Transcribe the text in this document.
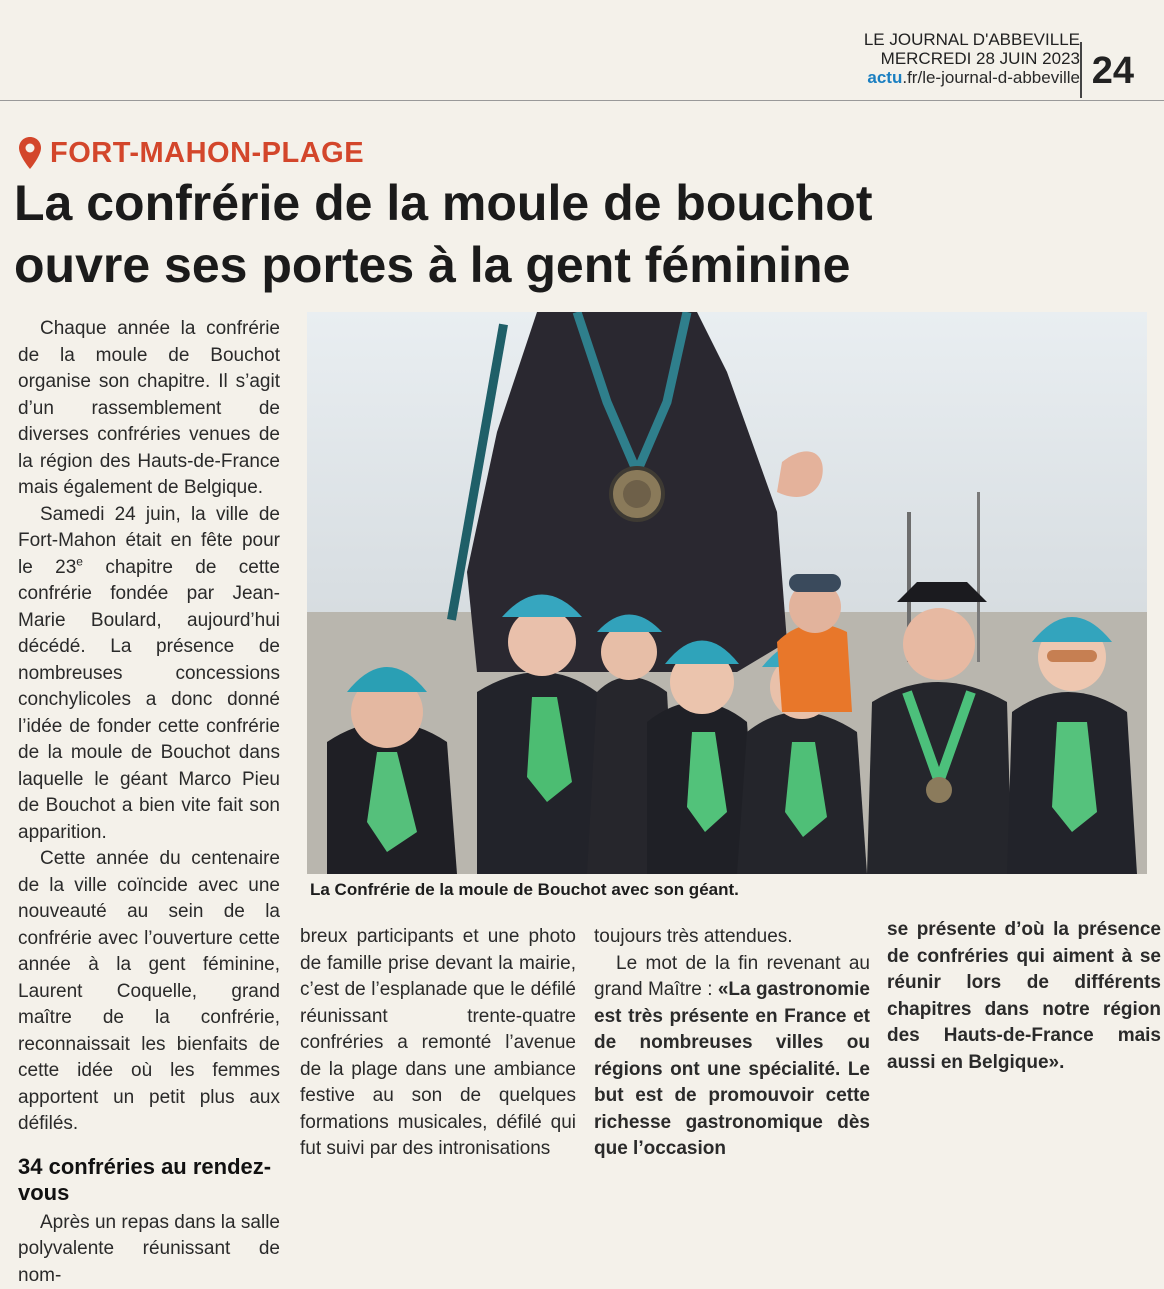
LE JOURNAL D'ABBEVILLE
MERCREDI 28 JUIN 2023
actu.fr/le-journal-d-abbeville 24
FORT-MAHON-PLAGE
La confrérie de la moule de bouchot ouvre ses portes à la gent féminine
La Confrérie de la moule de Bouchot avec son géant.

Chaque année la confrérie de la moule de Bouchot organise son chapitre. Il s’agit d’un rassemblement de diverses confréries venues de la région des Hauts-de-France mais également de Belgique.

Samedi 24 juin, la ville de Fort-Mahon était en fête pour le 23e chapitre de cette confrérie fondée par Jean-Marie Boulard, aujourd’hui décédé. La présence de nombreuses concessions conchylicoles a donc donné l’idée de fonder cette confrérie de la moule de Bouchot dans laquelle le géant Marco Pieu de Bouchot a bien vite fait son apparition.

Cette année du centenaire de la ville coïncide avec une nouveauté au sein de la confrérie avec l’ouverture cette année à la gent féminine, Laurent Coquelle, grand maître de la confrérie, reconnaissait les bienfaits de cette idée où les femmes apportent un petit plus aux défilés.

34 confréries au rendez-vous

Après un repas dans la salle polyvalente réunissant de nom-

breux participants et une photo de famille prise devant la mairie, c’est de l’esplanade que le défilé réunissant trente-quatre confréries a remonté l’avenue de la plage dans une ambiance festive au son de quelques formations musicales, défilé qui fut suivi par des intronisations

toujours très attendues.

Le mot de la fin revenant au grand Maître : «La gastronomie est très présente en France et de nombreuses villes ou régions ont une spécialité. Le but est de promouvoir cette richesse gastronomique dès que l’occasion

se présente d’où la présence de confréries qui aiment à se réunir lors de différents chapitres dans notre région des Hauts-de-France mais aussi en Belgique».
